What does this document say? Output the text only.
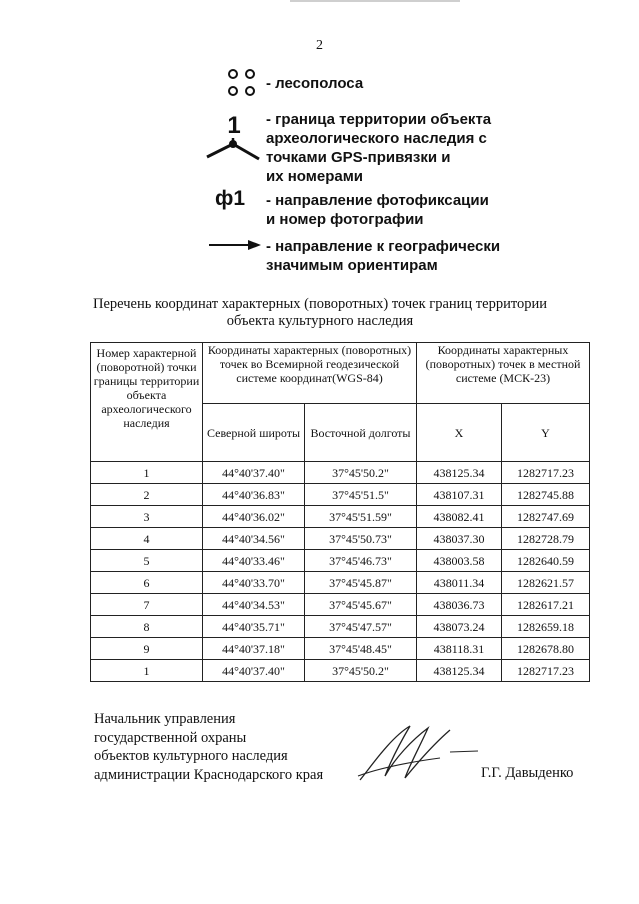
2
- лесополоса
1	- граница территории объекта
археологического наследия с
точками GPS-привязки и
их номерами
ф1 - направление фотофиксации
и номер фотографии
- направление к географически
значимым ориентирам
Перечень координат характерных (поворотных) точек границ территории
объекта культурного наследия
Номер характерной (поворотной) точки границы территории объекта археологического наследия	Координаты характерных (поворотных) точек во Всемирной геодезической системе координат(WGS-84)		Координаты характерных (поворотных) точек в местной системе (МСК-23)	
	Северной широты	Восточной долготы	X	Y
1	44°40'37.40"	37°45'50.2"	438125.34	1282717.23
2	44°40'36.83"	37°45'51.5"	438107.31	1282745.88
3	44°40'36.02"	37°45'51.59"	438082.41	1282747.69
4	44°40'34.56"	37°45'50.73"	438037.30	1282728.79
5	44°40'33.46"	37°45'46.73"	438003.58	1282640.59
6	44°40'33.70"	37°45'45.87"	438011.34	1282621.57
7	44°40'34.53"	37°45'45.67"	438036.73	1282617.21
8	44°40'35.71"	37°45'47.57"	438073.24	1282659.18
9	44°40'37.18"	37°45'48.45"	438118.31	1282678.80
1	44°40'37.40"	37°45'50.2"	438125.34	1282717.23
Начальник управления
государственной охраны
объектов культурного наследия
администрации Краснодарского края	Г.Г. Давыденко
